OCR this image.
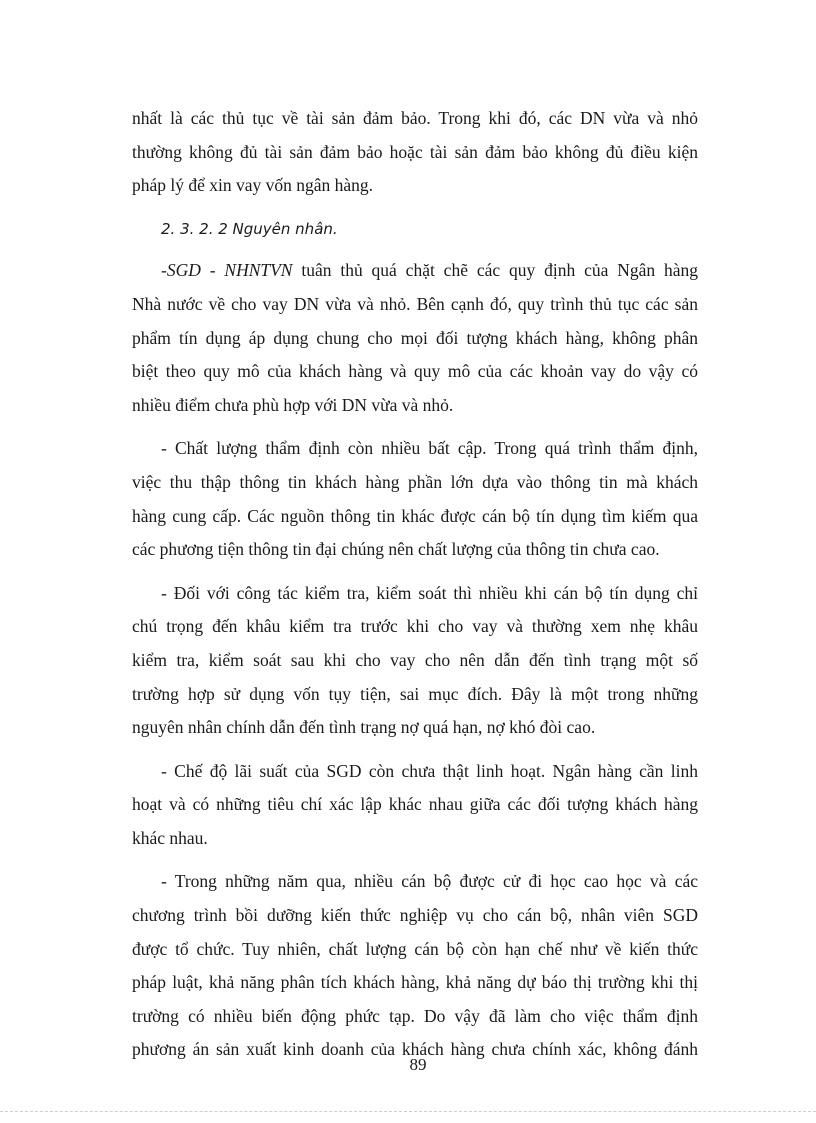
nhất là các thủ tục về tài sản đảm bảo. Trong khi đó, các DN vừa và nhỏ
thường không đủ tài sản đảm bảo hoặc tài sản đảm bảo không đủ điều kiện
pháp lý để xin vay vốn ngân hàng.
2. 3. 2. 2 Nguyên nhân.
-SGD - NHNTVN tuân thủ quá chặt chẽ các quy định của Ngân hàng
Nhà nước về cho vay DN vừa và nhỏ. Bên cạnh đó, quy trình thủ tục các sản
phẩm tín dụng áp dụng chung cho mọi đối tượng khách hàng, không phân
biệt theo quy mô của khách hàng và quy mô của các khoản vay do vậy có
nhiều điểm chưa phù hợp với DN vừa và nhỏ.
- Chất lượng thẩm định còn nhiều bất cập. Trong quá trình thẩm định,
việc thu thập thông tin khách hàng phần lớn dựa vào thông tin mà khách
hàng cung cấp. Các nguồn thông tin khác được cán bộ tín dụng tìm kiếm qua
các phương tiện thông tin đại chúng nên chất lượng của thông tin chưa cao.
- Đối với công tác kiểm tra, kiểm soát thì nhiều khi cán bộ tín dụng chỉ
chú trọng đến khâu kiểm tra trước khi cho vay và thường xem nhẹ khâu
kiểm tra, kiểm soát sau khi cho vay cho nên dẫn đến tình trạng một số
trường hợp sử dụng vốn tụy tiện, sai mục đích. Đây là một trong những
nguyên nhân chính dẫn đến tình trạng nợ quá hạn, nợ khó đòi cao.
- Chế độ lãi suất của SGD còn chưa thật linh hoạt. Ngân hàng cần linh
hoạt và có những tiêu chí xác lập khác nhau giữa các đối tượng khách hàng
khác nhau.
- Trong những năm qua, nhiều cán bộ được cử đi học cao học và các
chương trình bồi dưỡng kiến thức nghiệp vụ cho cán bộ, nhân viên SGD
được tổ chức. Tuy nhiên, chất lượng cán bộ còn hạn chế như về kiến thức
pháp luật, khả năng phân tích khách hàng, khả năng dự báo thị trường khi thị
trường có nhiều biến động phức tạp. Do vậy đã làm cho việc thẩm định
phương án sản xuất kinh doanh của khách hàng chưa chính xác, không đánh
89
